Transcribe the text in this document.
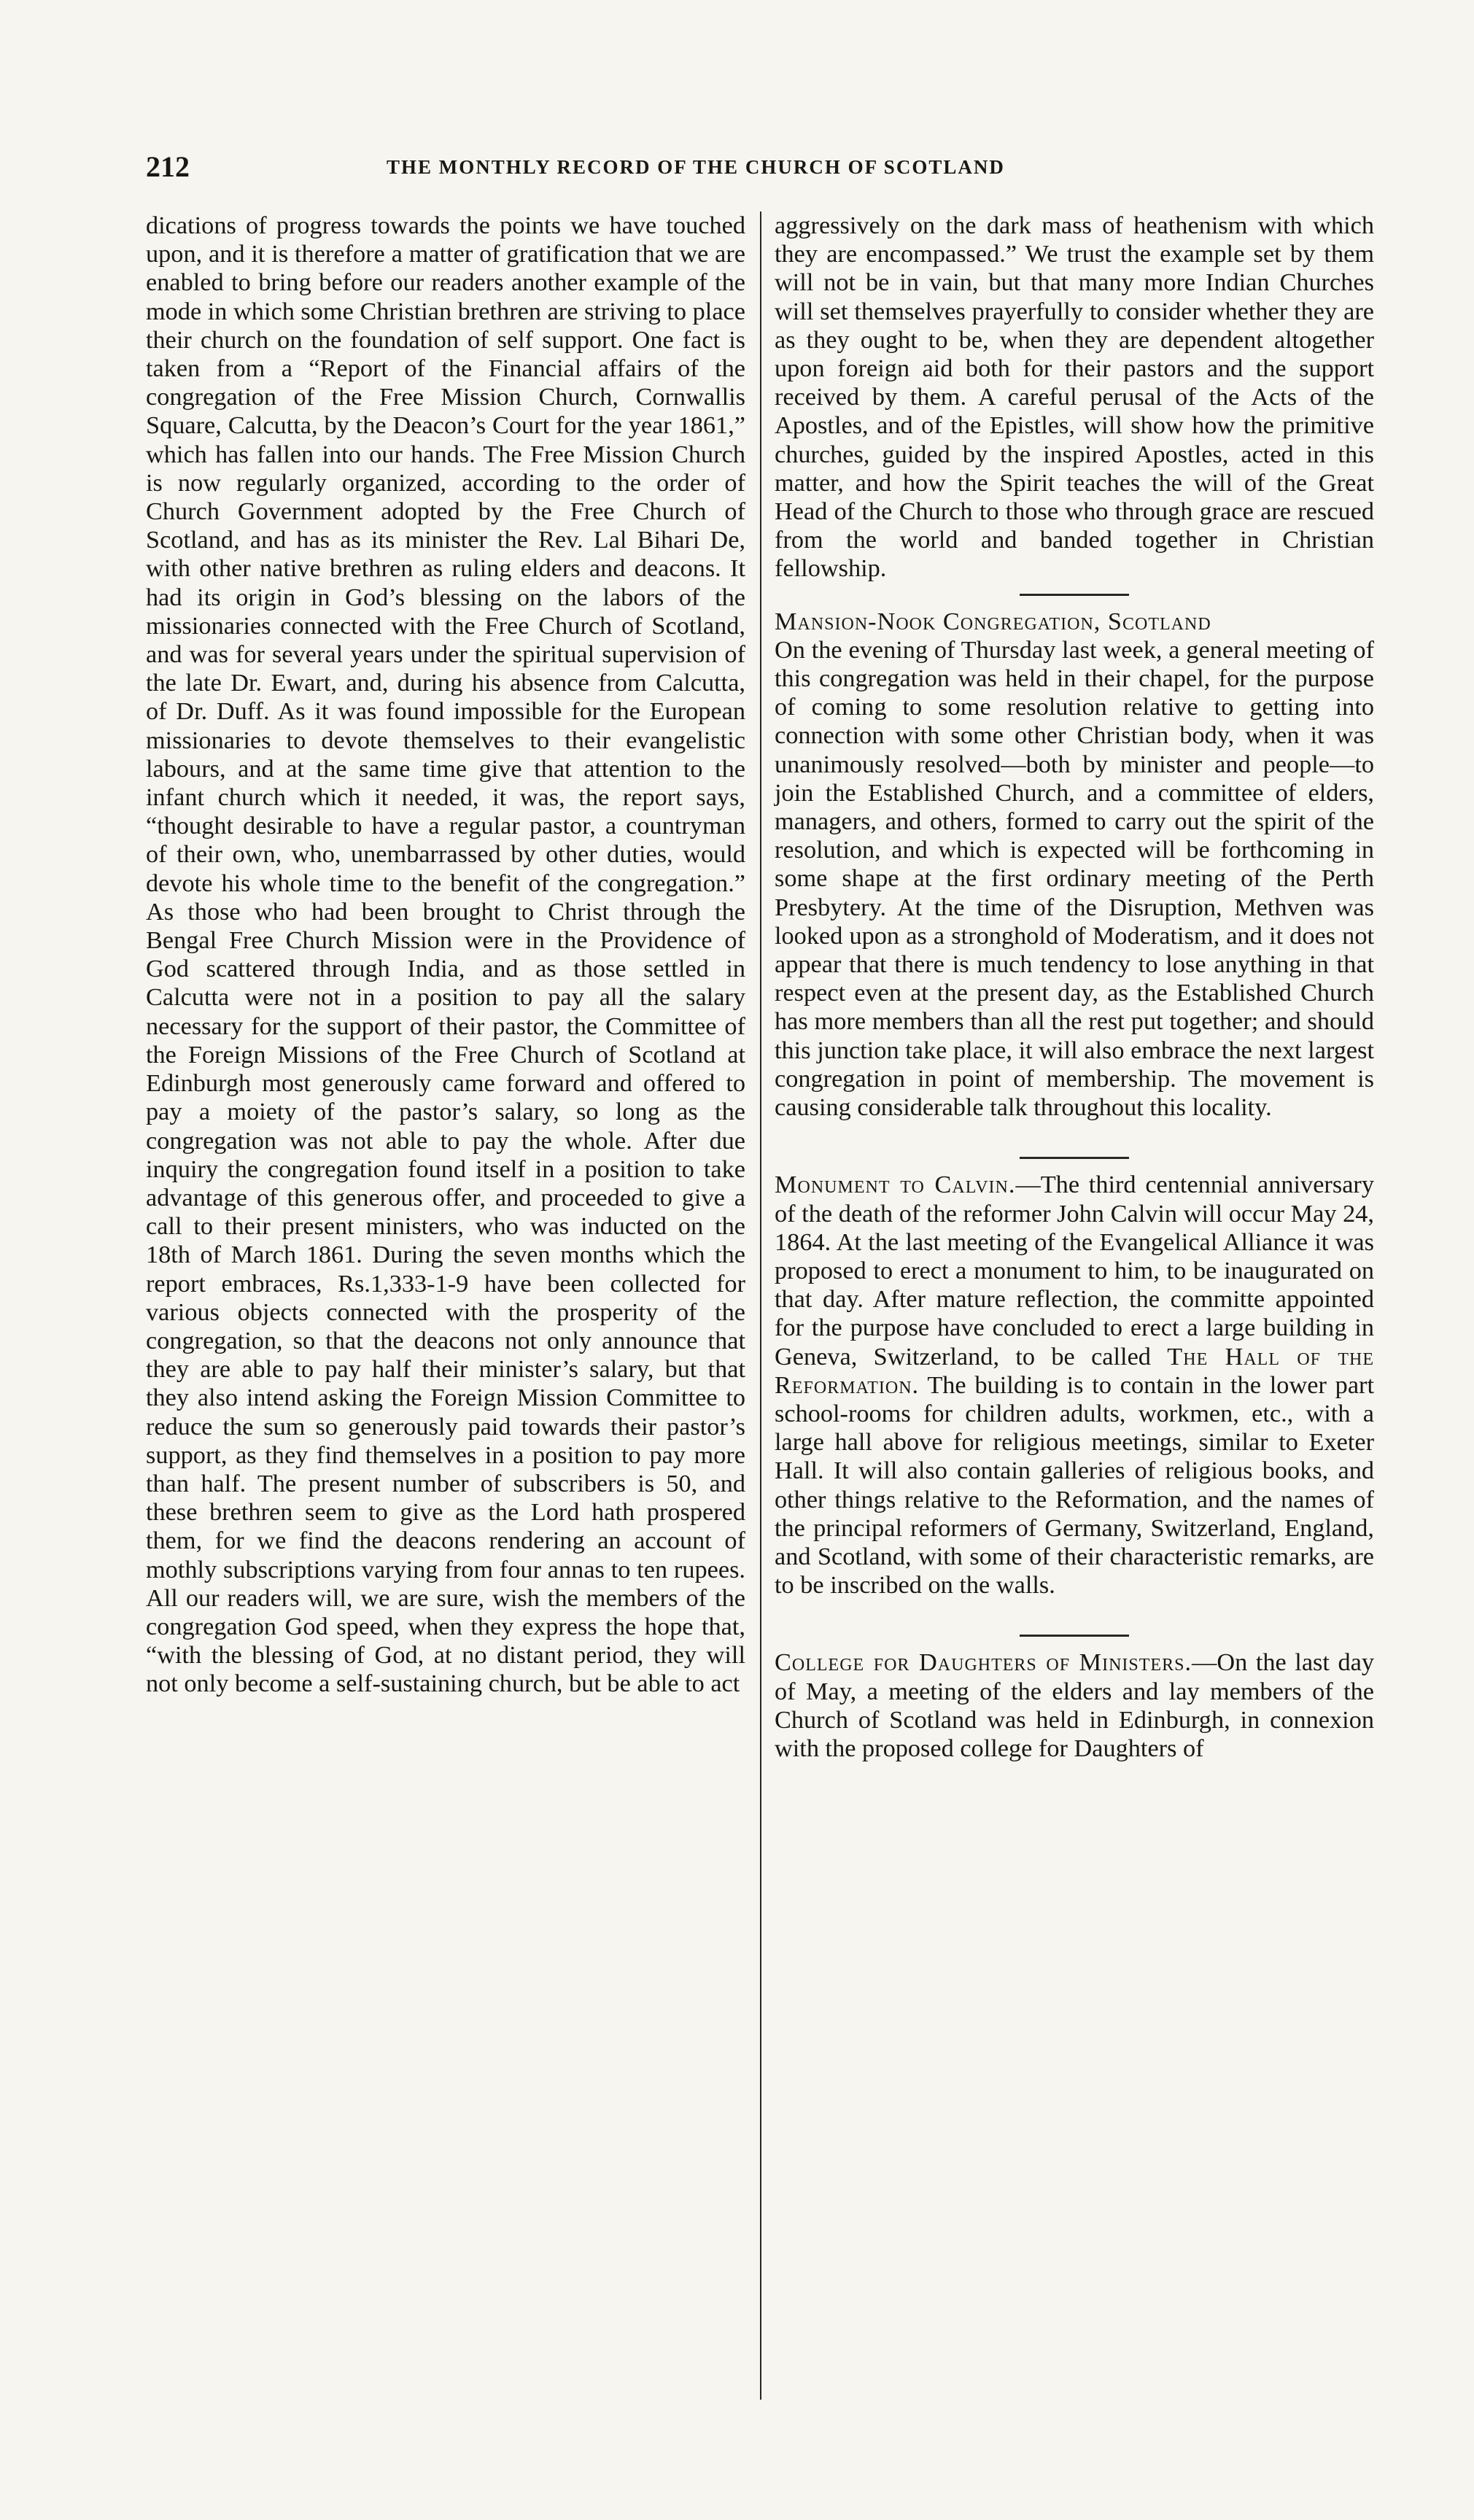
212	THE MONTHLY RECORD OF THE CHURCH OF SCOTLAND

dications of progress towards the points we have touched upon, and it is therefore a matter of gratification that we are enabled to bring before our readers another example of the mode in which some Christian brethren are striving to place their church on the foundation of self support. One fact is taken from a “Report of the Financial affairs of the congregation of the Free Mission Church, Cornwallis Square, Calcutta, by the Deacon’s Court for the year 1861,” which has fallen into our hands. The Free Mission Church is now regularly organized, according to the order of Church Government adopted by the Free Church of Scotland, and has as its minister the Rev. Lal Bihari De, with other native brethren as ruling elders and deacons. It had its origin in God’s blessing on the labors of the missionaries connected with the Free Church of Scotland, and was for several years under the spiritual supervision of the late Dr. Ewart, and, during his absence from Calcutta, of Dr. Duff. As it was found impossible for the European missionaries to devote themselves to their evangelistic labours, and at the same time give that attention to the infant church which it needed, it was, the report says, “thought desirable to have a regular pastor, a countryman of their own, who, unembarrassed by other duties, would devote his whole time to the benefit of the congregation.” As those who had been brought to Christ through the Bengal Free Church Mission were in the Providence of God scattered through India, and as those settled in Calcutta were not in a position to pay all the salary necessary for the support of their pastor, the Committee of the Foreign Missions of the Free Church of Scotland at Edinburgh most generously came forward and offered to pay a moiety of the pastor’s salary, so long as the congregation was not able to pay the whole. After due inquiry the congregation found itself in a position to take advantage of this generous offer, and proceeded to give a call to their present ministers, who was inducted on the 18th of March 1861. During the seven months which the report embraces, Rs.1,333-1-9 have been collected for various objects connected with the prosperity of the congregation, so that the deacons not only announce that they are able to pay half their minister’s salary, but that they also intend asking the Foreign Mission Committee to reduce the sum so generously paid towards their pastor’s support, as they find themselves in a position to pay more than half. The present number of subscribers is 50, and these brethren seem to give as the Lord hath prospered them, for we find the deacons rendering an account of mothly subscriptions varying from four annas to ten rupees. All our readers will, we are sure, wish the members of the congregation God speed, when they express the hope that, “with the blessing of God, at no distant period, they will not only become a self-sustaining church, but be able to act

aggressively on the dark mass of heathenism with which they are encompassed.” We trust the example set by them will not be in vain, but that many more Indian Churches will set themselves prayerfully to consider whether they are as they ought to be, when they are dependent altogether upon foreign aid both for their pastors and the support received by them. A careful perusal of the Acts of the Apostles, and of the Epistles, will show how the primitive churches, guided by the inspired Apostles, acted in this matter, and how the Spirit teaches the will of the Great Head of the Church to those who through grace are rescued from the world and banded together in Christian fellowship.

Mansion-Nook Congregation, Scotland

On the evening of Thursday last week, a general meeting of this congregation was held in their chapel, for the purpose of coming to some resolution relative to getting into connection with some other Christian body, when it was unanimously resolved—both by minister and people—to join the Established Church, and a committee of elders, managers, and others, formed to carry out the spirit of the resolution, and which is expected will be forthcoming in some shape at the first ordinary meeting of the Perth Presbytery. At the time of the Disruption, Methven was looked upon as a stronghold of Moderatism, and it does not appear that there is much tendency to lose anything in that respect even at the present day, as the Established Church has more members than all the rest put together; and should this junction take place, it will also embrace the next largest congregation in point of membership. The movement is causing considerable talk throughout this locality.

Monument to Calvin.—The third centennial anniversary of the death of the reformer John Calvin will occur May 24, 1864. At the last meeting of the Evangelical Alliance it was proposed to erect a monument to him, to be inaugurated on that day. After mature reflection, the committe appointed for the purpose have concluded to erect a large building in Geneva, Switzerland, to be called The Hall of the Reformation. The building is to contain in the lower part school-rooms for children adults, workmen, etc., with a large hall above for religious meetings, similar to Exeter Hall. It will also contain galleries of religious books, and other things relative to the Reformation, and the names of the principal reformers of Germany, Switzerland, England, and Scotland, with some of their characteristic remarks, are to be inscribed on the walls.

College for Daughters of Ministers.—On the last day of May, a meeting of the elders and lay members of the Church of Scotland was held in Edinburgh, in connexion with the proposed college for Daughters of
